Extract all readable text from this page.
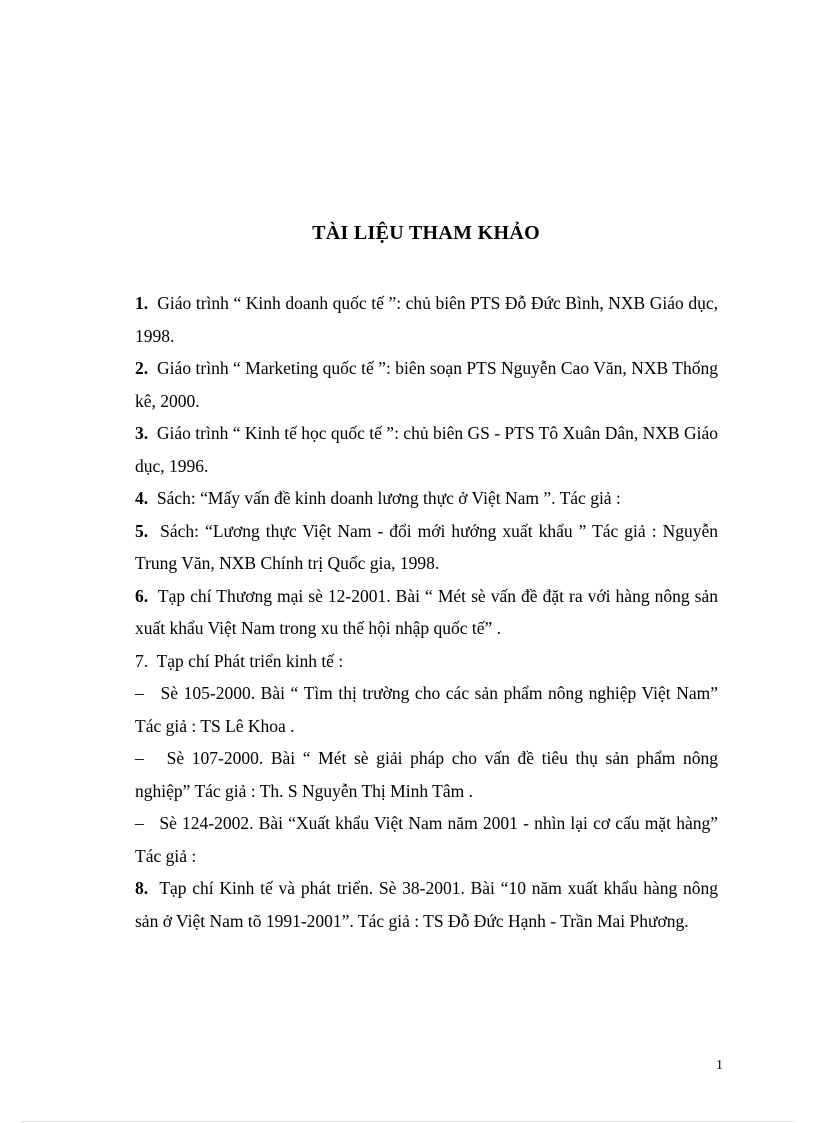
TÀI LIỆU THAM KHẢO

1. Giáo trình “ Kinh doanh quốc tế ”: chủ biên PTS Đỗ Đức Bình, NXB Giáo dục, 1998.

2. Giáo trình “ Marketing quốc tế ”: biên soạn PTS Nguyễn Cao Văn, NXB Thống kê, 2000.

3. Giáo trình “ Kinh tế học quốc tế ”: chủ biên GS - PTS Tô Xuân Dân, NXB Giáo dục, 1996.

4. Sách: “Mấy vấn đề kinh doanh lương thực ở Việt Nam ”. Tác giả :

5. Sách: “Lương thực Việt Nam - đổi mới hướng xuất khẩu ” Tác giả : Nguyễn Trung Văn, NXB Chính trị Quốc gia, 1998.

6. Tạp chí Thương mại sè 12-2001. Bài “ Mét sè vấn đề đặt ra với hàng nông sản xuất khẩu Việt Nam trong xu thế hội nhập quốc tế” .

7. Tạp chí Phát triển kinh tế :

– Sè 105-2000. Bài “ Tìm thị trường cho các sản phẩm nông nghiệp Việt Nam” Tác giả : TS Lê Khoa .

– Sè 107-2000. Bài “ Mét sè giải pháp cho vấn đề tiêu thụ sản phẩm nông nghiệp” Tác giả : Th. S Nguyễn Thị Minh Tâm .

– Sè 124-2002. Bài “Xuất khẩu Việt Nam năm 2001 - nhìn lại cơ cấu mặt hàng” Tác giả :

8. Tạp chí Kinh tế và phát triển. Sè 38-2001. Bài “10 năm xuất khẩu hàng nông sản ở Việt Nam tõ 1991-2001”. Tác giả : TS Đỗ Đức Hạnh - Trần Mai Phương.

1
